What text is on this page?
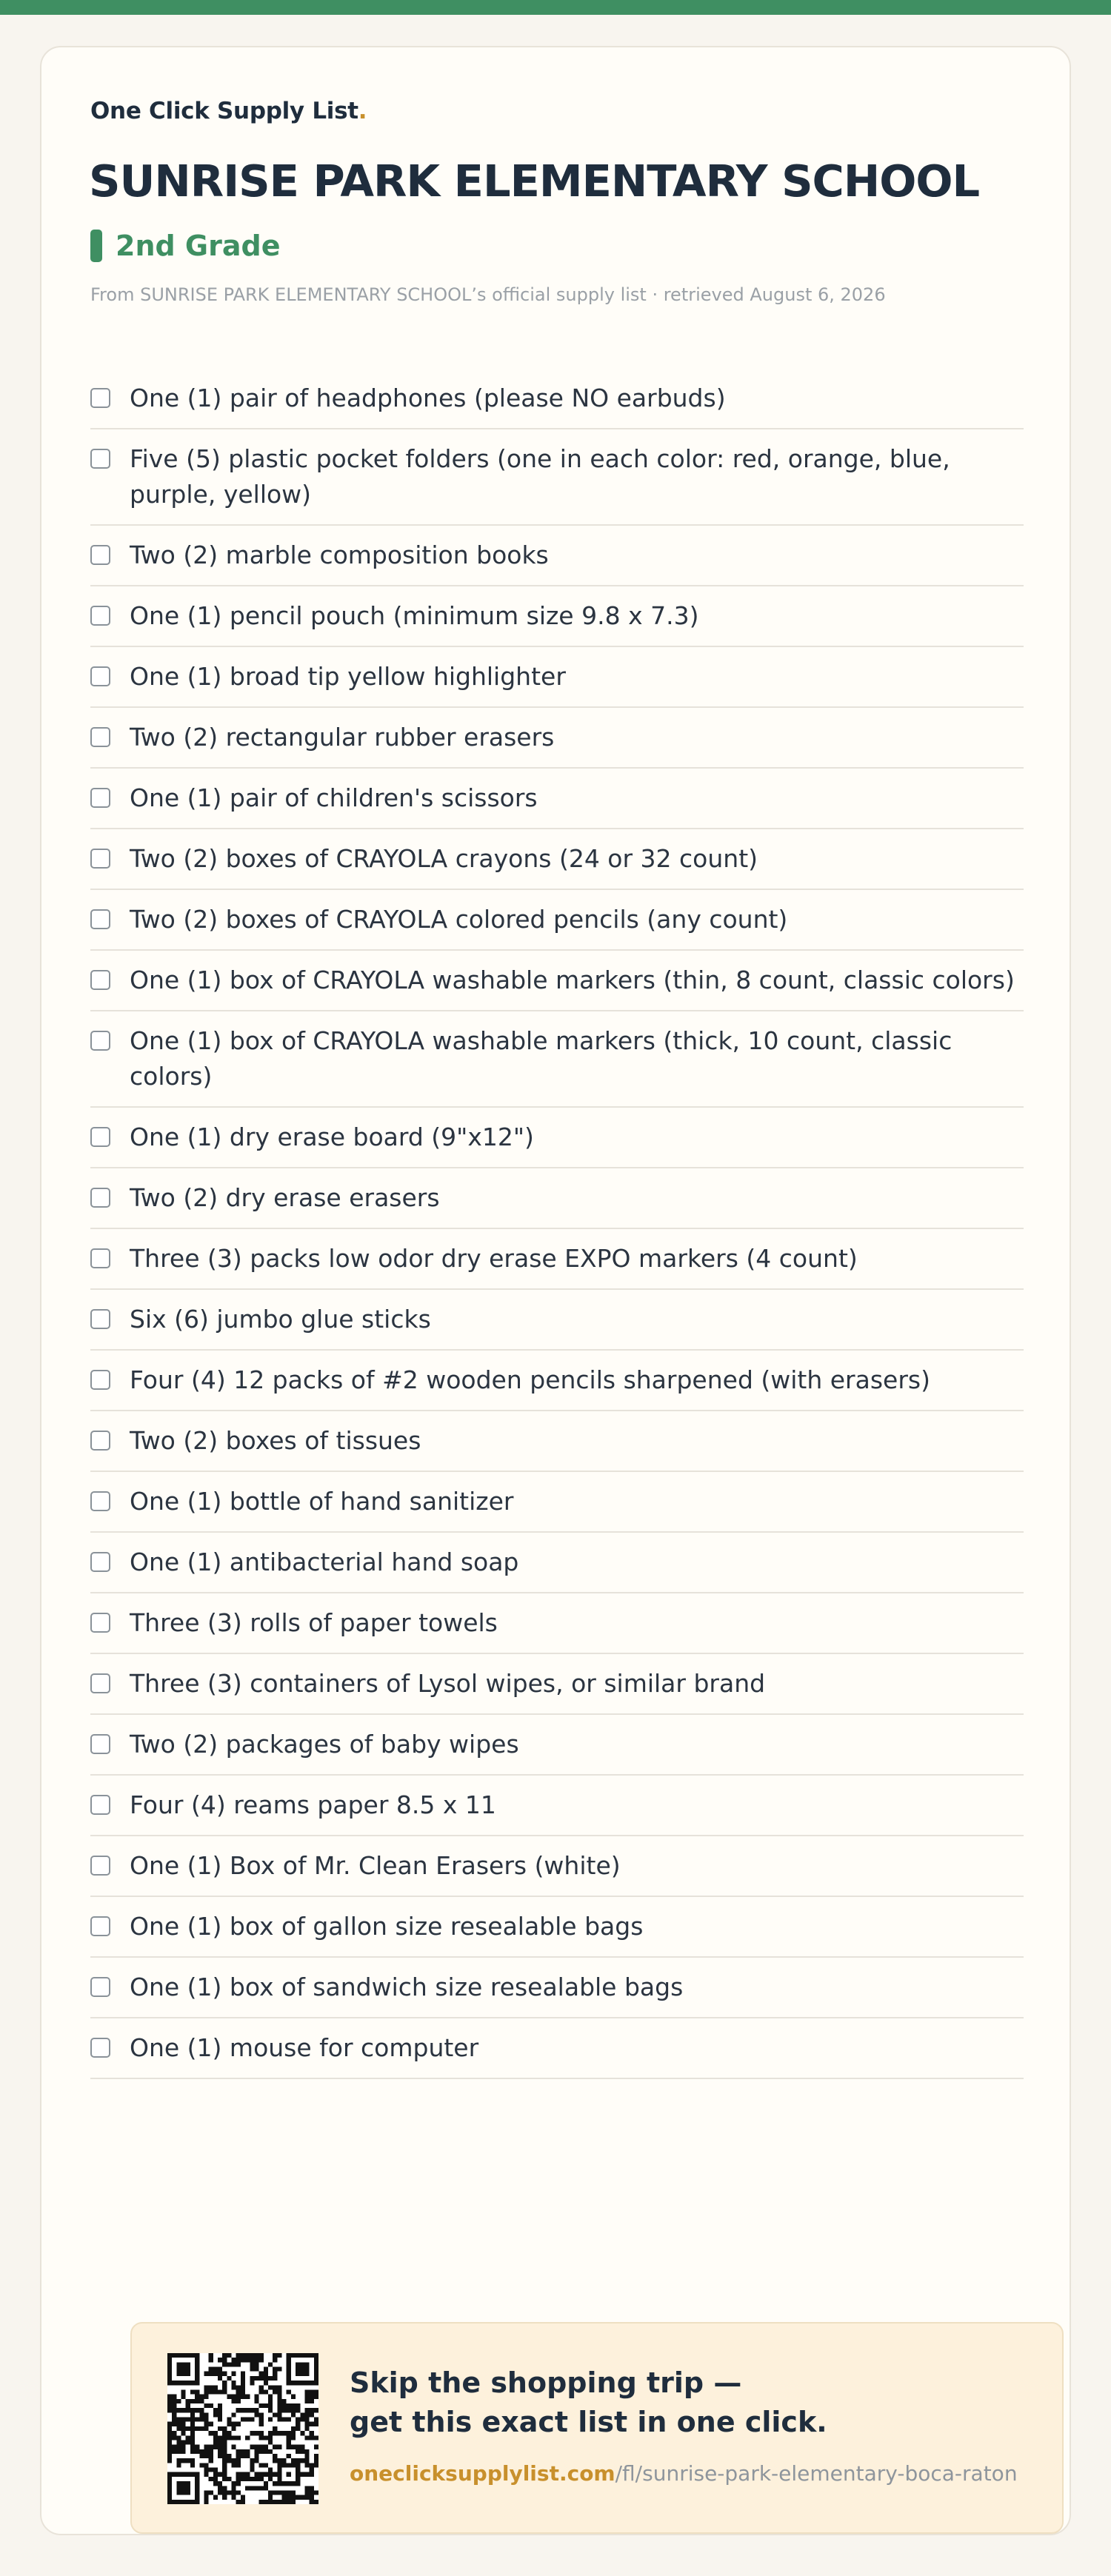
One Click Supply List.
SUNRISE PARK ELEMENTARY SCHOOL
2nd Grade
From SUNRISE PARK ELEMENTARY SCHOOL’s official supply list · retrieved August 6, 2026
One (1) pair of headphones (please NO earbuds)
Five (5) plastic pocket folders (one in each color: red, orange, blue, purple, yellow)
Two (2) marble composition books
One (1) pencil pouch (minimum size 9.8 x 7.3)
One (1) broad tip yellow highlighter
Two (2) rectangular rubber erasers
One (1) pair of children's scissors
Two (2) boxes of CRAYOLA crayons (24 or 32 count)
Two (2) boxes of CRAYOLA colored pencils (any count)
One (1) box of CRAYOLA washable markers (thin, 8 count, classic colors)
One (1) box of CRAYOLA washable markers (thick, 10 count, classic colors)
One (1) dry erase board (9"x12")
Two (2) dry erase erasers
Three (3) packs low odor dry erase EXPO markers (4 count)
Six (6) jumbo glue sticks
Four (4) 12 packs of #2 wooden pencils sharpened (with erasers)
Two (2) boxes of tissues
One (1) bottle of hand sanitizer
One (1) antibacterial hand soap
Three (3) rolls of paper towels
Three (3) containers of Lysol wipes, or similar brand
Two (2) packages of baby wipes
Four (4) reams paper 8.5 x 11
One (1) Box of Mr. Clean Erasers (white)
One (1) box of gallon size resealable bags
One (1) box of sandwich size resealable bags
One (1) mouse for computer
Skip the shopping trip —
get this exact list in one click.
oneclicksupplylist.com/fl/sunrise-park-elementary-boca-raton
